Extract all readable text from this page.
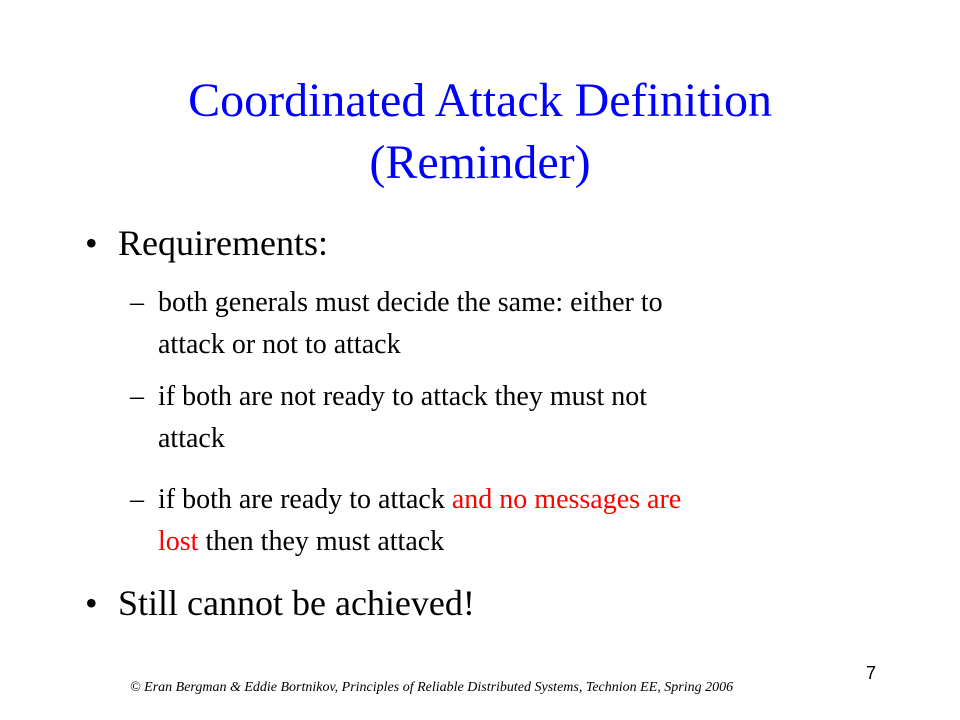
Coordinated Attack Definition
(Reminder)
• Requirements:
– both generals must decide the same: either to
attack or not to attack
– if both are not ready to attack they must not
attack
– if both are ready to attack and no messages are
lost then they must attack
• Still cannot be achieved!
7
© Eran Bergman & Eddie Bortnikov, Principles of Reliable Distributed Systems, Technion EE, Spring 2006
